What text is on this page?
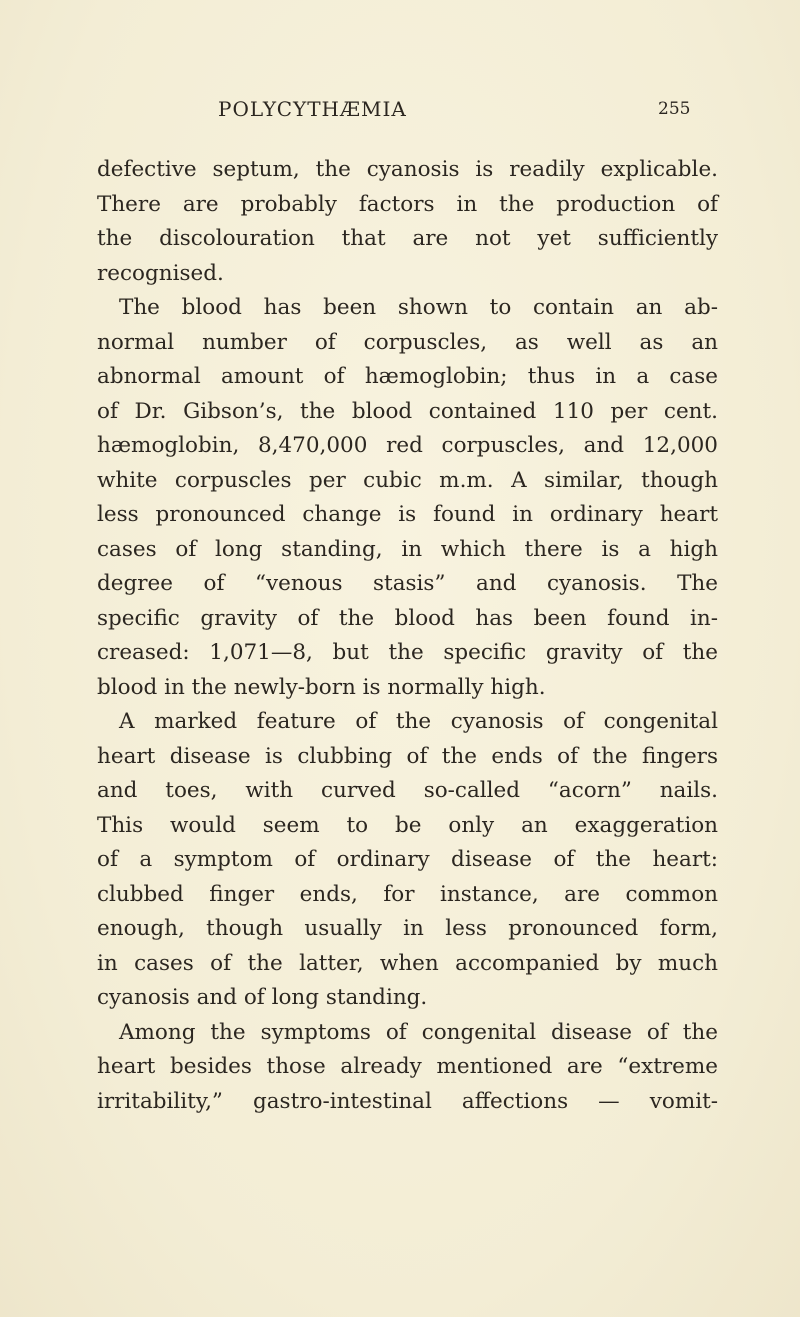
POLYCYTHÆMIA	255
defective septum, the cyanosis is readily explicable.
There are probably factors in the production of
the discolouration that are not yet sufficiently
recognised.
The blood has been shown to contain an ab-
normal number of corpuscles, as well as an
abnormal amount of hæmoglobin; thus in a case
of Dr. Gibson’s, the blood contained 110 per cent.
hæmoglobin, 8,470,000 red corpuscles, and 12,000
white corpuscles per cubic m.m. A similar, though
less pronounced change is found in ordinary heart
cases of long standing, in which there is a high
degree of “venous stasis” and cyanosis. The
specific gravity of the blood has been found in-
creased: 1,071—8, but the specific gravity of the
blood in the newly-born is normally high.
A marked feature of the cyanosis of congenital
heart disease is clubbing of the ends of the fingers
and toes, with curved so-called “acorn” nails.
This would seem to be only an exaggeration
of a symptom of ordinary disease of the heart:
clubbed finger ends, for instance, are common
enough, though usually in less pronounced form,
in cases of the latter, when accompanied by much
cyanosis and of long standing.
Among the symptoms of congenital disease of the
heart besides those already mentioned are “extreme
irritability,” gastro-intestinal affections — vomit-
